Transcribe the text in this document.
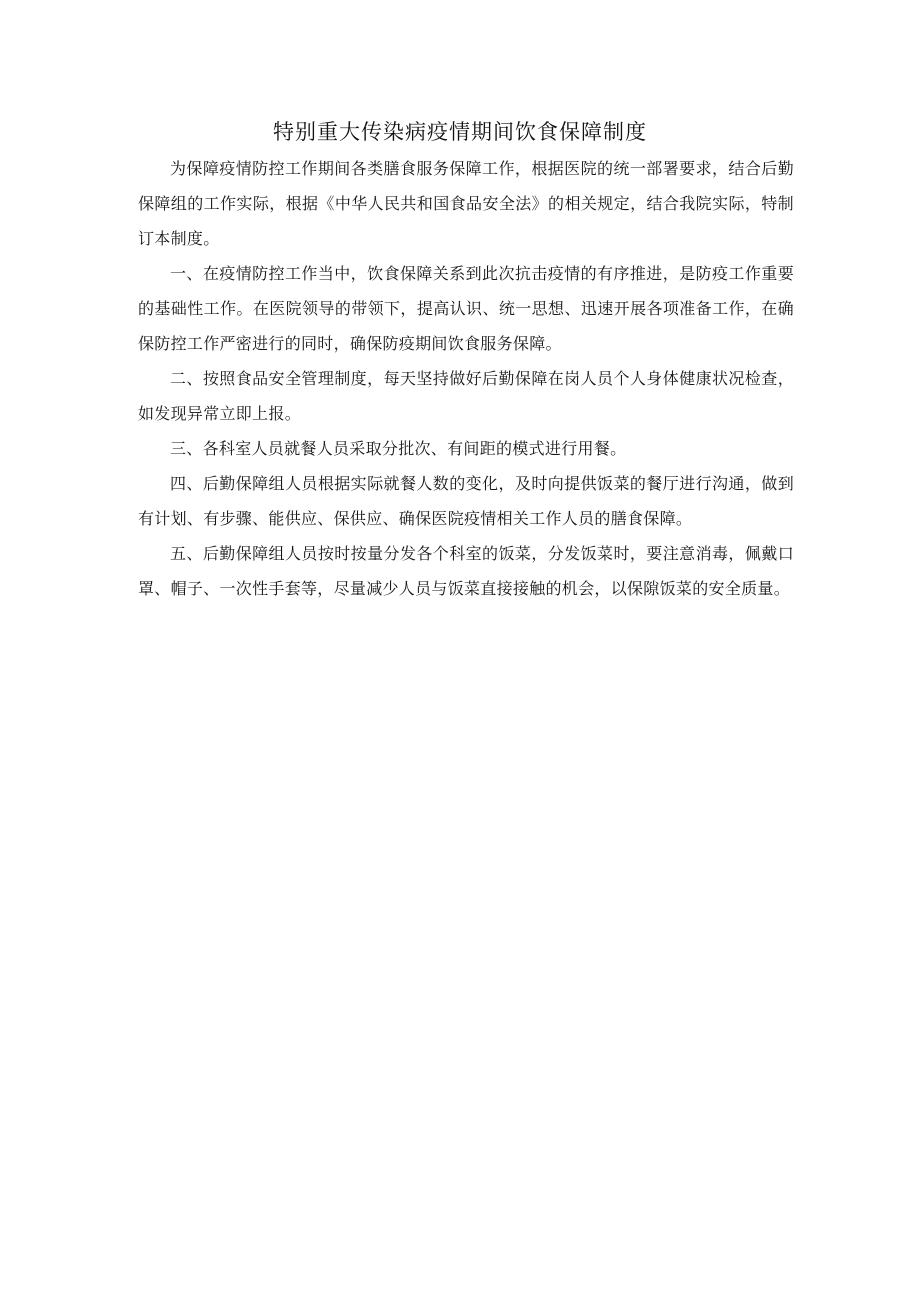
特别重大传染病疫情期间饮食保障制度

为保障疫情防控工作期间各类膳食服务保障工作，根据医院的统一部署要求，结合后勤保障组的工作实际，根据《中华人民共和国食品安全法》的相关规定，结合我院实际，特制订本制度。

一、在疫情防控工作当中，饮食保障关系到此次抗击疫情的有序推进，是防疫工作重要的基础性工作。在医院领导的带领下，提高认识、统一思想、迅速开展各项准备工作，在确保防控工作严密进行的同时，确保防疫期间饮食服务保障。

二、按照食品安全管理制度，每天坚持做好后勤保障在岗人员个人身体健康状况检查，如发现异常立即上报。

三、各科室人员就餐人员采取分批次、有间距的模式进行用餐。

四、后勤保障组人员根据实际就餐人数的变化，及时向提供饭菜的餐厅进行沟通，做到有计划、有步骤、能供应、保供应、确保医院疫情相关工作人员的膳食保障。

五、后勤保障组人员按时按量分发各个科室的饭菜，分发饭菜时，要注意消毒，佩戴口罩、帽子、一次性手套等，尽量减少人员与饭菜直接接触的机会，以保隙饭菜的安全质量。
